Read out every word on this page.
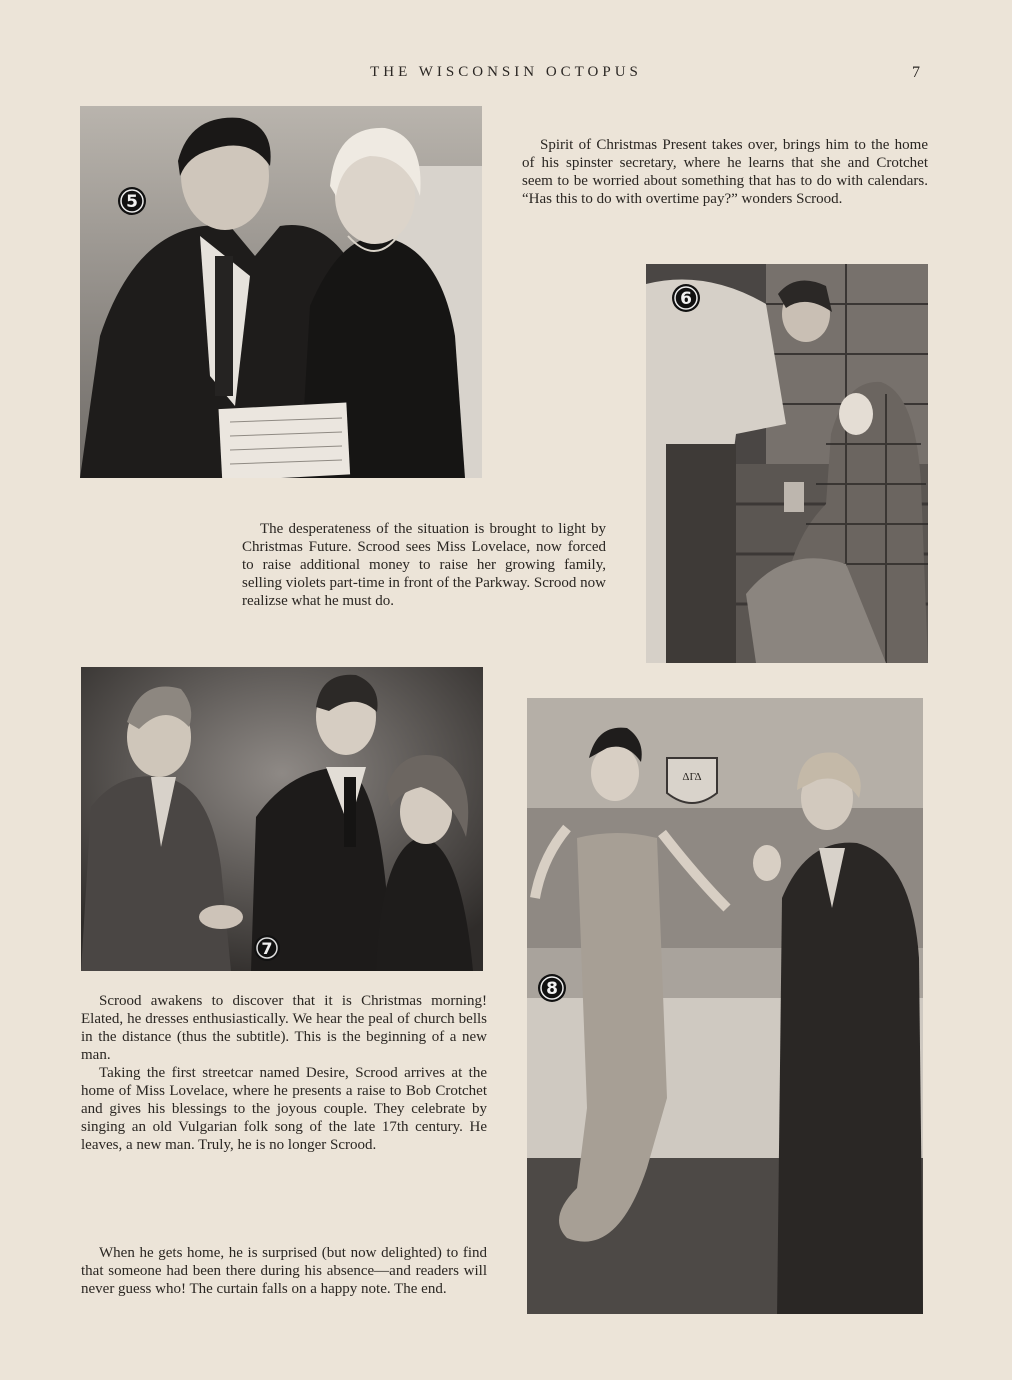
THE WISCONSIN OCTOPUS	7
5

Spirit of Christmas Present takes over, brings him to the home of his spinster secretary, where he learns that she and Crotchet seem to be worried about something that has to do with calendars. “Has this to do with overtime pay?” wonders Scrood.

6

The desperateness of the situation is brought to light by Christmas Future. Scrood sees Miss Lovelace, now forced to raise additional money to raise her growing family, selling violets part-time in front of the Parkway. Scrood now realizse what he must do.

7
ΔΓΔ
8

Scrood awakens to discover that it is Christmas morning! Elated, he dresses enthusiastically. We hear the peal of church bells in the distance (thus the subtitle). This is the beginning of a new man.

Taking the first streetcar named Desire, Scrood arrives at the home of Miss Lovelace, where he presents a raise to Bob Crotchet and gives his blessings to the joyous couple. They celebrate by singing an old Vulgarian folk song of the late 17th century. He leaves, a new man. Truly, he is no longer Scrood.

When he gets home, he is surprised (but now delighted) to find that someone had been there during his absence—and readers will never guess who! The curtain falls on a happy note. The end.
